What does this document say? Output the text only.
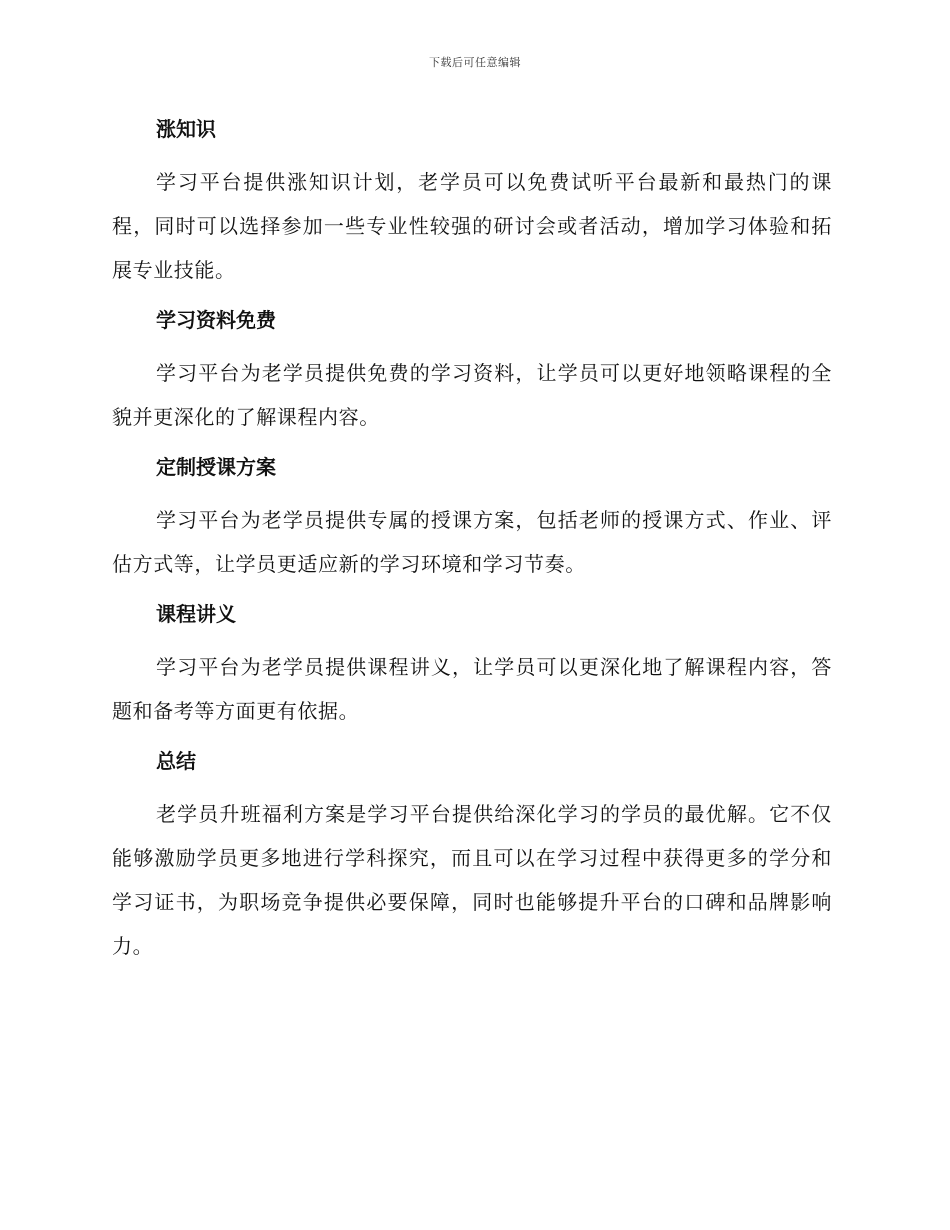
下载后可任意编辑
涨知识

学习平台提供涨知识计划，老学员可以免费试听平台最新和最热门的课程，同时可以选择参加一些专业性较强的研讨会或者活动，增加学习体验和拓展专业技能。

学习资料免费

学习平台为老学员提供免费的学习资料，让学员可以更好地领略课程的全貌并更深化的了解课程内容。

定制授课方案

学习平台为老学员提供专属的授课方案，包括老师的授课方式、作业、评估方式等，让学员更适应新的学习环境和学习节奏。

课程讲义

学习平台为老学员提供课程讲义，让学员可以更深化地了解课程内容，答题和备考等方面更有依据。

总结

老学员升班福利方案是学习平台提供给深化学习的学员的最优解。它不仅能够激励学员更多地进行学科探究，而且可以在学习过程中获得更多的学分和学习证书，为职场竞争提供必要保障，同时也能够提升平台的口碑和品牌影响力。
